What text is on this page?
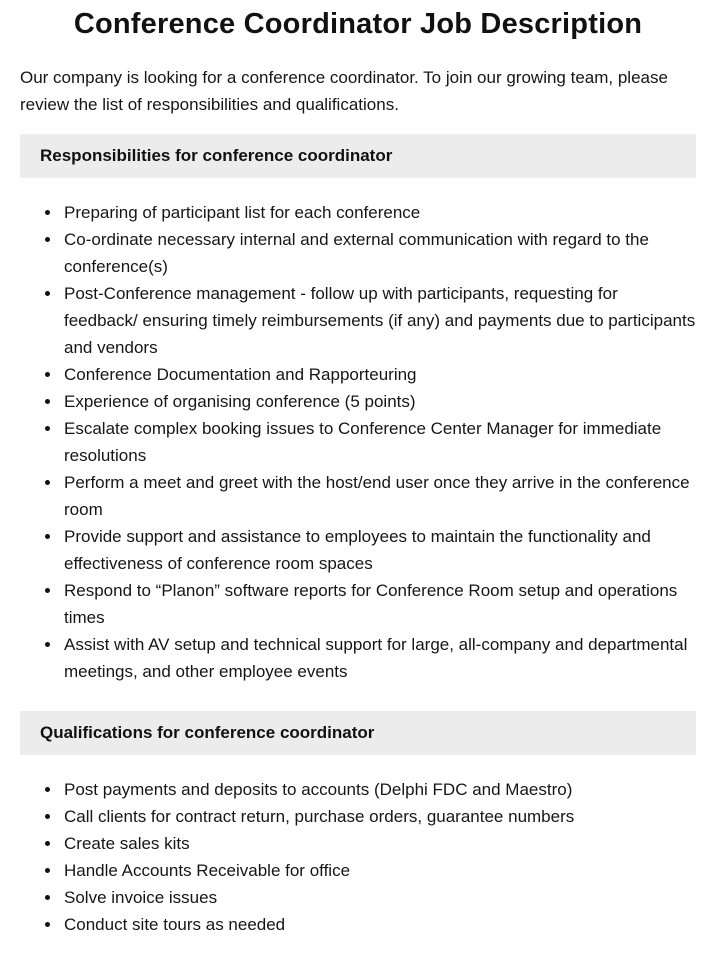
Conference Coordinator Job Description

Our company is looking for a conference coordinator. To join our growing team, please review the list of responsibilities and qualifications.

Responsibilities for conference coordinator
• Preparing of participant list for each conference
• Co-ordinate necessary internal and external communication with regard to the conference(s)
• Post-Conference management - follow up with participants, requesting for feedback/ ensuring timely reimbursements (if any) and payments due to participants and vendors
• Conference Documentation and Rapporteuring
• Experience of organising conference (5 points)
• Escalate complex booking issues to Conference Center Manager for immediate resolutions
• Perform a meet and greet with the host/end user once they arrive in the conference room
• Provide support and assistance to employees to maintain the functionality and effectiveness of conference room spaces
• Respond to “Planon” software reports for Conference Room setup and operations times
• Assist with AV setup and technical support for large, all-company and departmental meetings, and other employee events
Qualifications for conference coordinator
• Post payments and deposits to accounts (Delphi FDC and Maestro)
• Call clients for contract return, purchase orders, guarantee numbers
• Create sales kits
• Handle Accounts Receivable for office
• Solve invoice issues
• Conduct site tours as needed
